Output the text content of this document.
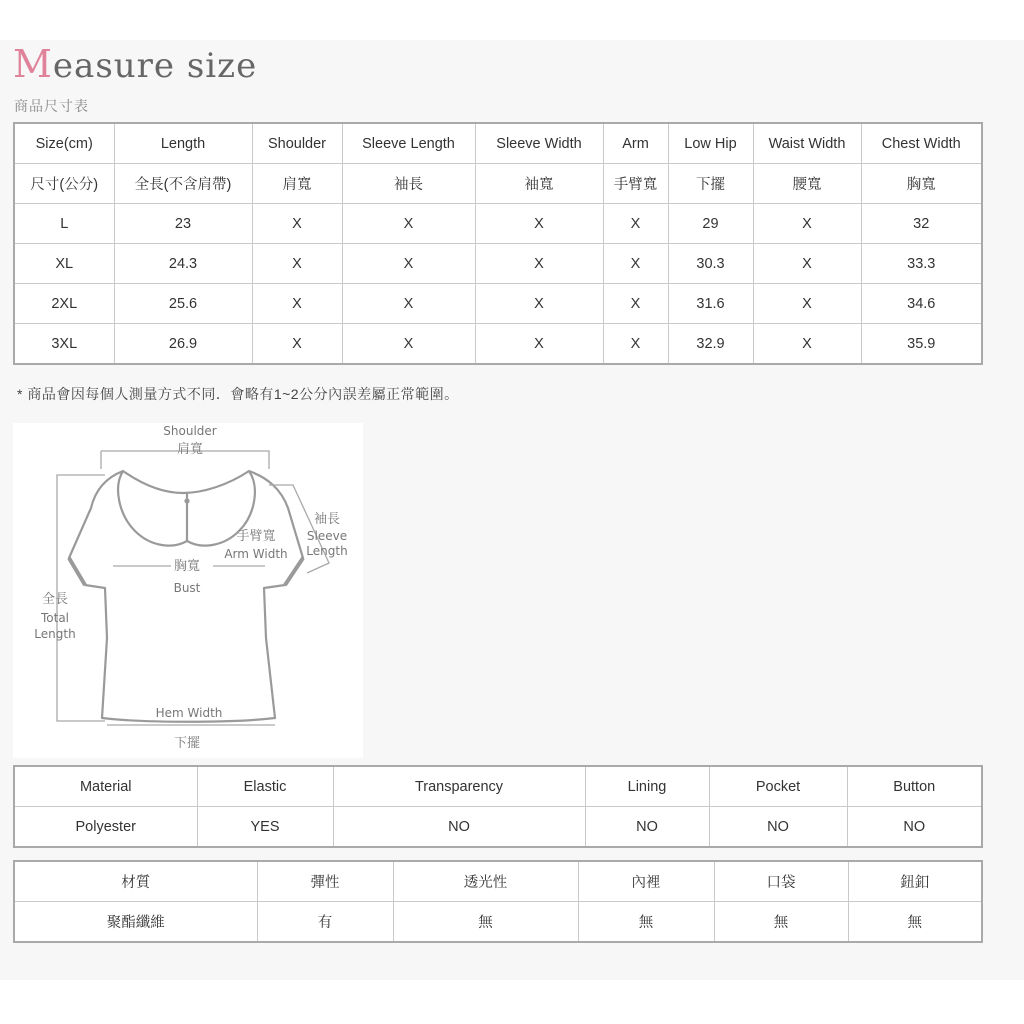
Measure size
商品尺寸表
Size(cm)	Length	Shoulder	Sleeve Length	Sleeve Width	Arm	Low Hip	Waist Width	Chest Width
尺寸(公分)	全長(不含肩帶)	肩寬	袖長	袖寬	手臂寬	下擺	腰寬	胸寬
L	23	X	X	X	X	29	X	32
XL	24.3	X	X	X	X	30.3	X	33.3
2XL	25.6	X	X	X	X	31.6	X	34.6
3XL	26.9	X	X	X	X	32.9	X	35.9
* 商品會因每個人測量方式不同．會略有1~2公分內誤差屬正常範圍。
Shoulder
肩寬
袖長
Sleeve
Length
手臂寬
Arm Width
胸寬
Bust
全長
Total
Length
Hem Width
下擺
Material	Elastic	Transparency	Lining	Pocket	Button
Polyester	YES	NO	NO	NO	NO
材質	彈性	透光性	內裡	口袋	鈕釦
聚酯纖維	有	無	無	無	無
